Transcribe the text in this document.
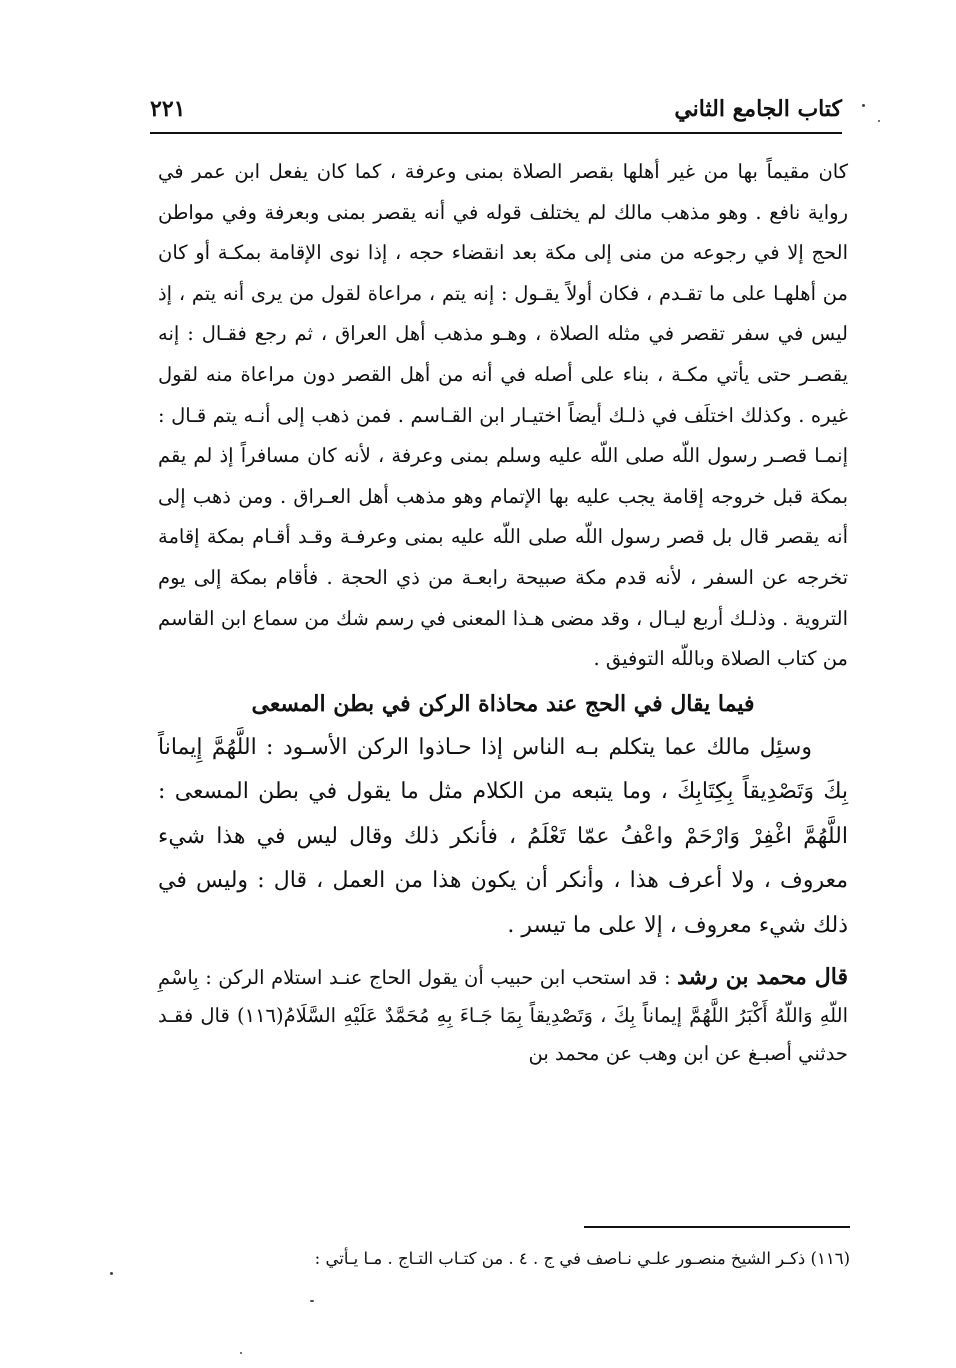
كتاب الجامع الثاني
٢٢١

كان مقيماً بها من غير أهلها بقصر الصلاة بمنى وعرفة ، كما كان يفعل ابن عمر في رواية نافع . وهو مذهب مالك لم يختلف قوله في أنه يقصر بمنى وبعرفة وفي مواطن الحج إلا في رجوعه من منى إلى مكة بعد انقضاء حجه ، إذا نوى الإقامة بمكـة أو كان من أهلهـا على ما تقـدم ، فكان أولاً يقـول : إنه يتم ، مراعاة لقول من يرى أنه يتم ، إذ ليس في سفر تقصر في مثله الصلاة ، وهـو مذهب أهل العراق ، ثم رجع فقـال : إنه يقصـر حتى يأتي مكـة ، بناء على أصله في أنه من أهل القصر دون مراعاة منه لقول غيره . وكذلك اختلَف في ذلـك أيضاً اختيـار ابن القـاسم . فمن ذهب إلى أنـه يتم قـال : إنمـا قصـر رسول اللّه صلى اللّه عليه وسلم بمنى وعرفة ، لأنه كان مسافراً إذ لم يقم بمكة قبل خروجه إقامة يجب عليه بها الإتمام وهو مذهب أهل العـراق . ومن ذهب إلى أنه يقصر قال بل قصر رسول اللّه صلى اللّه عليه بمنى وعرفـة وقـد أقـام بمكة إقامة تخرجه عن السفر ، لأنه قدم مكة صبيحة رابعـة من ذي الحجة . فأقام بمكة إلى يوم التروية . وذلـك أربع ليـال ، وقد مضى هـذا المعنى في رسم شك من سماع ابن القاسم من كتاب الصلاة وباللّه التوفيق .

فيما يقال في الحج عند محاذاة الركن في بطن المسعى

وسئِل مالك عما يتكلم بـه الناس إذا حـاذوا الركن الأسـود : اللَّهُمَّ إِيماناً بِكَ وَتَصْدِيقاً بِكِتَابِكَ ، وما يتبعه من الكلام مثل ما يقول في بطن المسعى : اللَّهُمَّ اغْفِرْ وَارْحَمْ واعْفُ عمّا تَعْلَمُ ، فأنكر ذلك وقال ليس في هذا شيء معروف ، ولا أعرف هذا ، وأنكر أن يكون هذا من العمل ، قال : وليس في ذلك شيء معروف ، إلا على ما تيسر .

قال محمد بن رشد : قد استحب ابن حبيب أن يقول الحاج عنـد استلام الركن : بِاسْمِ اللّهِ وَاللّهُ أَكْبَرُ اللَّهُمَّ إيماناً بِكَ ، وَتَصْدِيقاً بِمَا جَـاءَ بِهِ مُحَمَّدٌ عَلَيْهِ السَّلَامُ(١١٦) قال فقـد حدثني أصبـغ عن ابن وهب عن محمد بن

(١١٦) ذكـر الشيخ منصـور علـي نـاصف في ج . ٤ . من كتـاب التـاج . مـا يـأتي :
